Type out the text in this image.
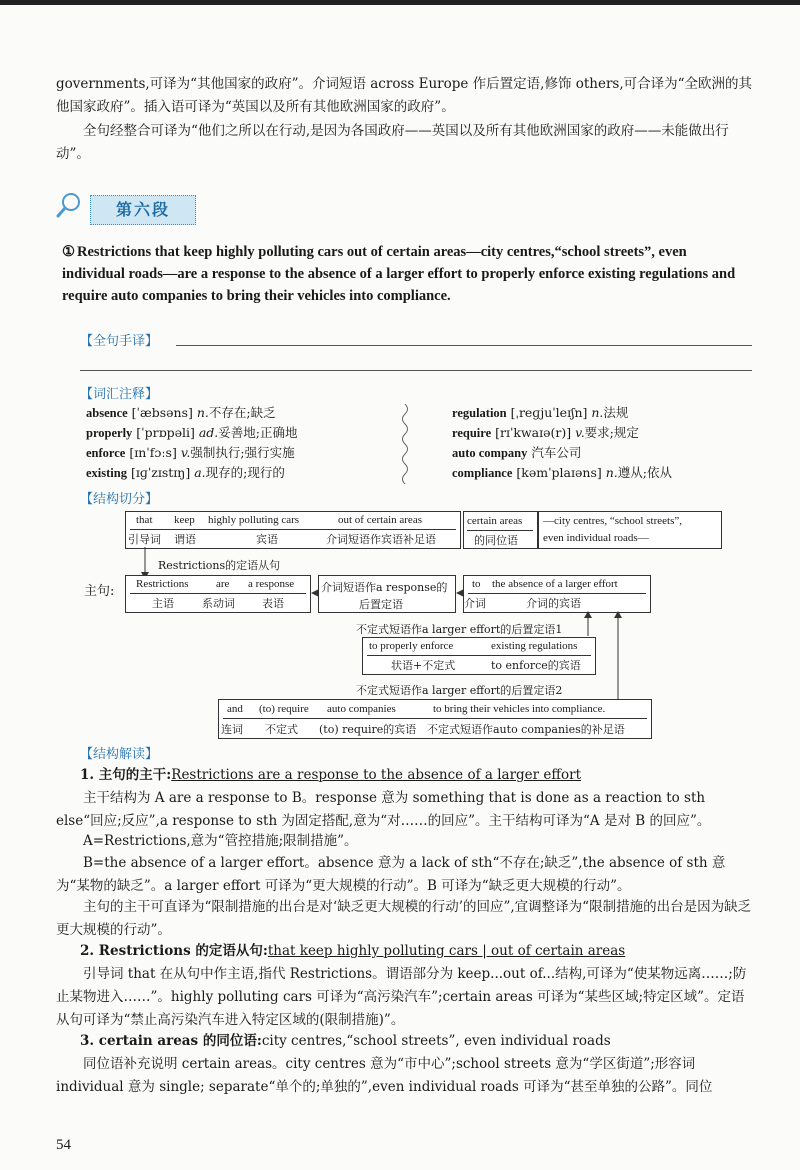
governments,可译为“其他国家的政府”。介词短语 across Europe 作后置定语,修饰 others,可合译为“全欧洲的其他国家政府”。插入语可译为“英国以及所有其他欧洲国家的政府”。
全句经整合可译为“他们之所以在行动,是因为各国政府——英国以及所有其他欧洲国家的政府——未能做出行动”。
第六段
① Restrictions that keep highly polluting cars out of certain areas—city centres,“school streets”, even individual roads—are a response to the absence of a larger effort to properly enforce existing regulations and require auto companies to bring their vehicles into compliance.
【全句手译】
【词汇注释】
absence [ˈæbsəns] n.不存在;缺乏
properly [ˈprɒpəli] ad.妥善地;正确地
enforce [ɪnˈfɔːs] v.强制执行;强行实施
existing [ɪɡˈzɪstɪŋ] a.现存的;现行的
regulation [ˌreɡjuˈleɪʃn] n.法规
require [rɪˈkwaɪə(r)] v.要求;规定
auto company 汽车公司
compliance [kəmˈplaɪəns] n.遵从;依从
【结构切分】
that keep highly polluting cars	out of certain areas
引导词 谓语	宾语	介词短语作宾语补足语
certain areas
的同位语
—city centres, “school streets”,
even individual roads—
Restrictions的定语从句
主句: Restrictions are a response
主语	系动词 表语
介词短语作a response的
后置定语
to the absence of a larger effort
介词	介词的宾语
不定式短语作a larger effort的后置定语1
to properly enforce	existing regulations
状语+不定式	to enforce的宾语
不定式短语作a larger effort的后置定语2
and (to) require auto companies	to bring their vehicles into compliance.
连词 不定式 (to) require的宾语 不定式短语作auto companies的补足语
【结构解读】
1. 主句的主干:Restrictions are a response to the absence of a larger effort
主干结构为 A are a response to B。response 意为 something that is done as a reaction to sth else“回应;反应”,a response to sth 为固定搭配,意为“对……的回应”。主干结构可译为“A 是对 B 的回应”。
A=Restrictions,意为“管控措施;限制措施”。
B=the absence of a larger effort。absence 意为 a lack of sth“不存在;缺乏”,the absence of sth 意为“某物的缺乏”。a larger effort 可译为“更大规模的行动”。B 可译为“缺乏更大规模的行动”。
主句的主干可直译为“限制措施的出台是对‘缺乏更大规模的行动’的回应”,宜调整译为“限制措施的出台是因为缺乏更大规模的行动”。
2. Restrictions 的定语从句:that keep highly polluting cars | out of certain areas
引导词 that 在从句中作主语,指代 Restrictions。谓语部分为 keep...out of...结构,可译为“使某物远离……;防止某物进入……”。highly polluting cars 可译为“高污染汽车”;certain areas 可译为“某些区域;特定区域”。定语从句可译为“禁止高污染汽车进入特定区域的(限制措施)”。
3. certain areas 的同位语:city centres,“school streets”, even individual roads
同位语补充说明 certain areas。city centres 意为“市中心”;school streets 意为“学区街道”;形容词 individual 意为 single; separate“单个的;单独的”,even individual roads 可译为“甚至单独的公路”。同位
54
